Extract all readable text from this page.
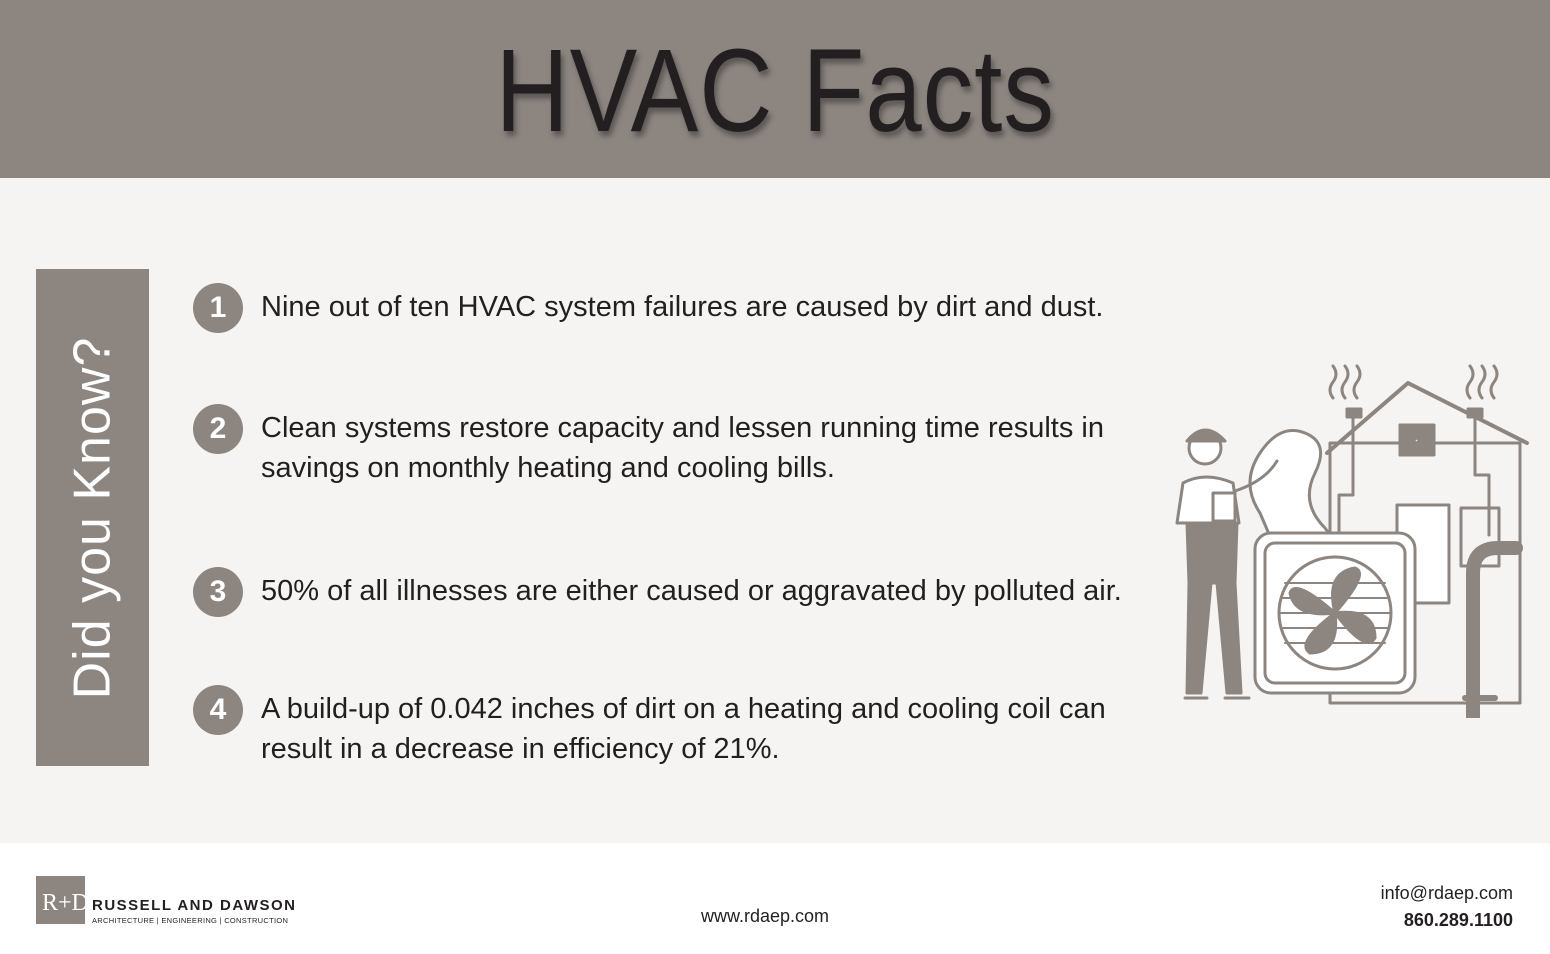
HVAC Facts
Did you Know?
1	Nine out of ten HVAC system failures are caused by dirt and dust.
2	Clean systems restore capacity and lessen running time results in savings on monthly heating and cooling bills.
3	50% of all illnesses are either caused or aggravated by polluted air.
4	A build-up of 0.042 inches of dirt on a heating and cooling coil can result in a decrease in efficiency of 21%.
R+D RUSSELL AND DAWSON
ARCHITECTURE | ENGINEERING | CONSTRUCTION	www.rdaep.com
info@rdaep.com
860.289.1100
